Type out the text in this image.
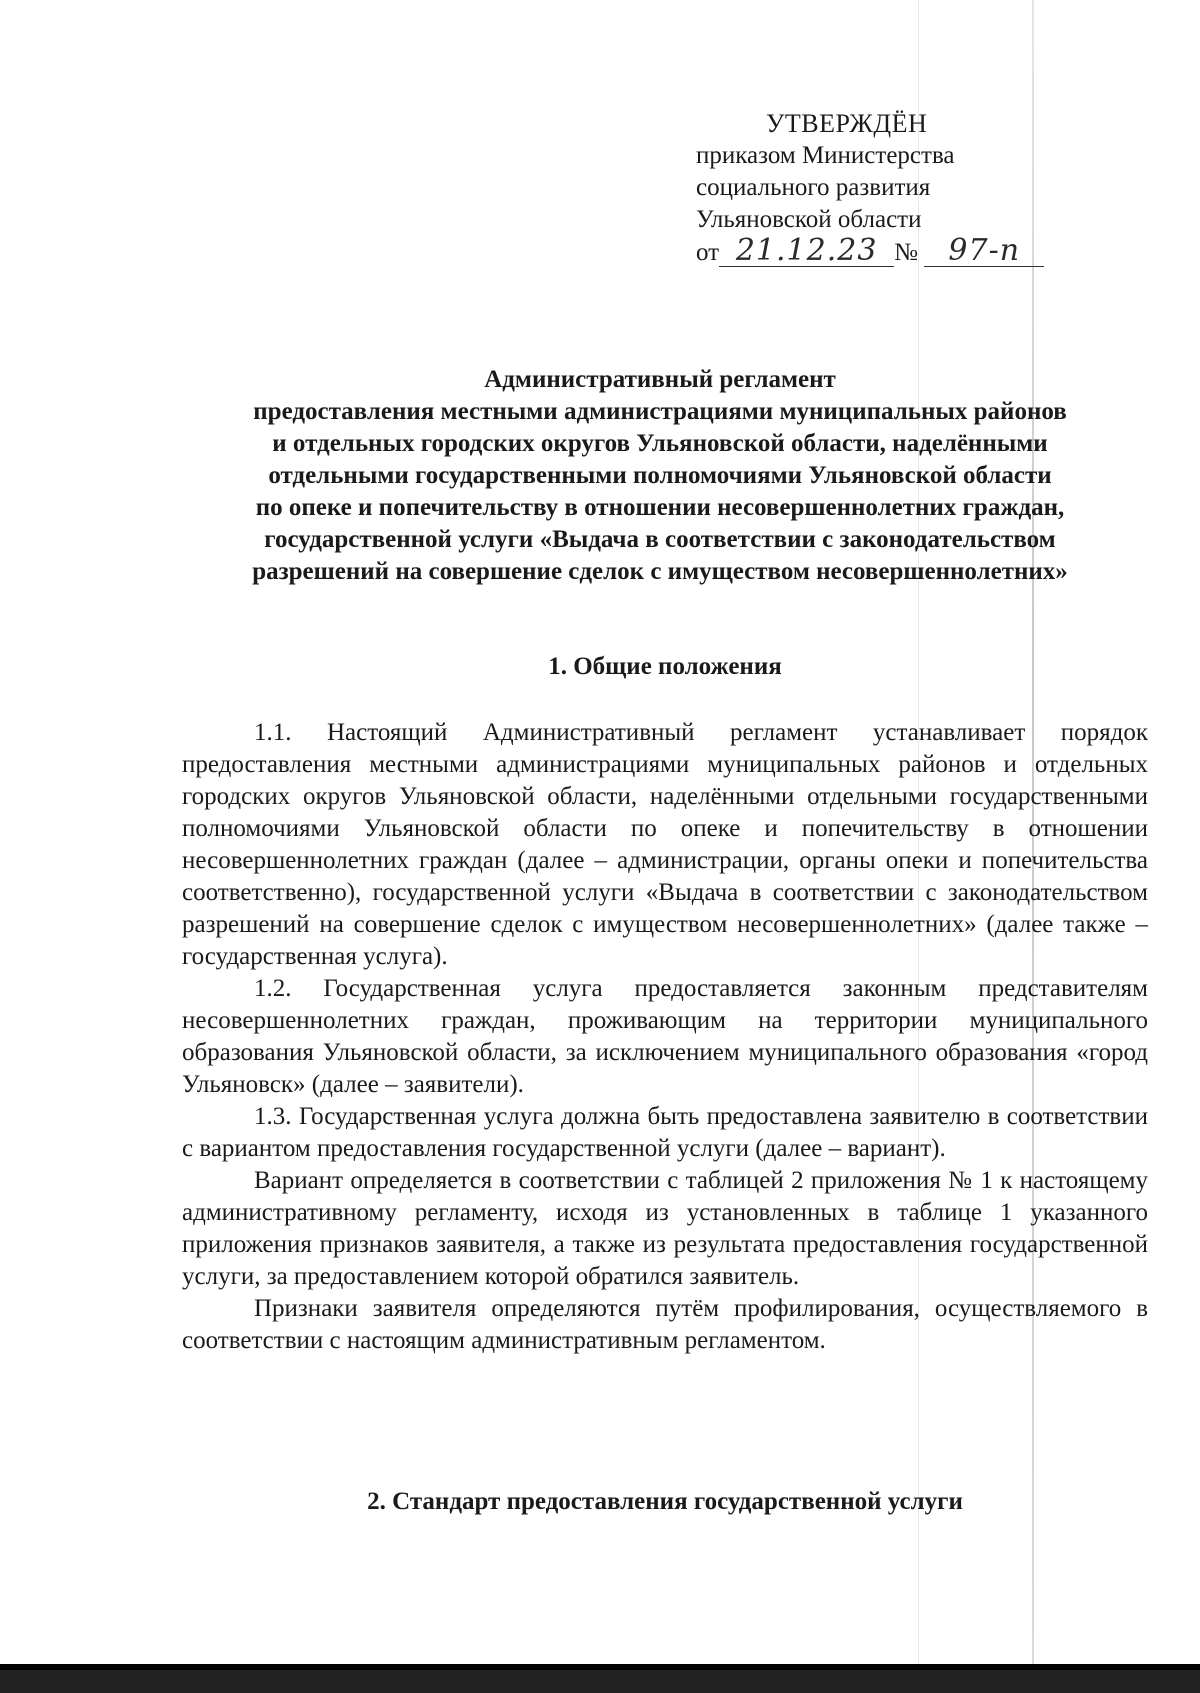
УТВЕРЖДЁН
приказом Министерства
социального развития
Ульяновской области
от 21.12.23 № 97-п

Административный регламент

предоставления местными администрациями муниципальных районов

и отдельных городских округов Ульяновской области, наделёнными

отдельными государственными полномочиями Ульяновской области

по опеке и попечительству в отношении несовершеннолетних граждан,

государственной услуги «Выдача в соответствии с законодательством

разрешений на совершение сделок с имуществом несовершеннолетних»

1. Общие положения

1.1. Настоящий Административный регламент устанавливает порядок предоставления местными администрациями муниципальных районов и отдельных городских округов Ульяновской области, наделёнными отдельными государственными полномочиями Ульяновской области по опеке и попечительству в отношении несовершеннолетних граждан (далее – администрации, органы опеки и попечительства соответственно), государственной услуги «Выдача в соответствии с законодательством разрешений на совершение сделок с имуществом несовершеннолетних» (далее также – государственная услуга).

1.2. Государственная услуга предоставляется законным представителям несовершеннолетних граждан, проживающим на территории муниципального образования Ульяновской области, за исключением муниципального образования «город Ульяновск» (далее – заявители).

1.3. Государственная услуга должна быть предоставлена заявителю в соответствии с вариантом предоставления государственной услуги (далее – вариант).

Вариант определяется в соответствии с таблицей 2 приложения № 1 к настоящему административному регламенту, исходя из установленных в таблице 1 указанного приложения признаков заявителя, а также из результата предоставления государственной услуги, за предоставлением которой обратился заявитель.

Признаки заявителя определяются путём профилирования, осуществляемого в соответствии с настоящим административным регламентом.

2. Стандарт предоставления государственной услуги
